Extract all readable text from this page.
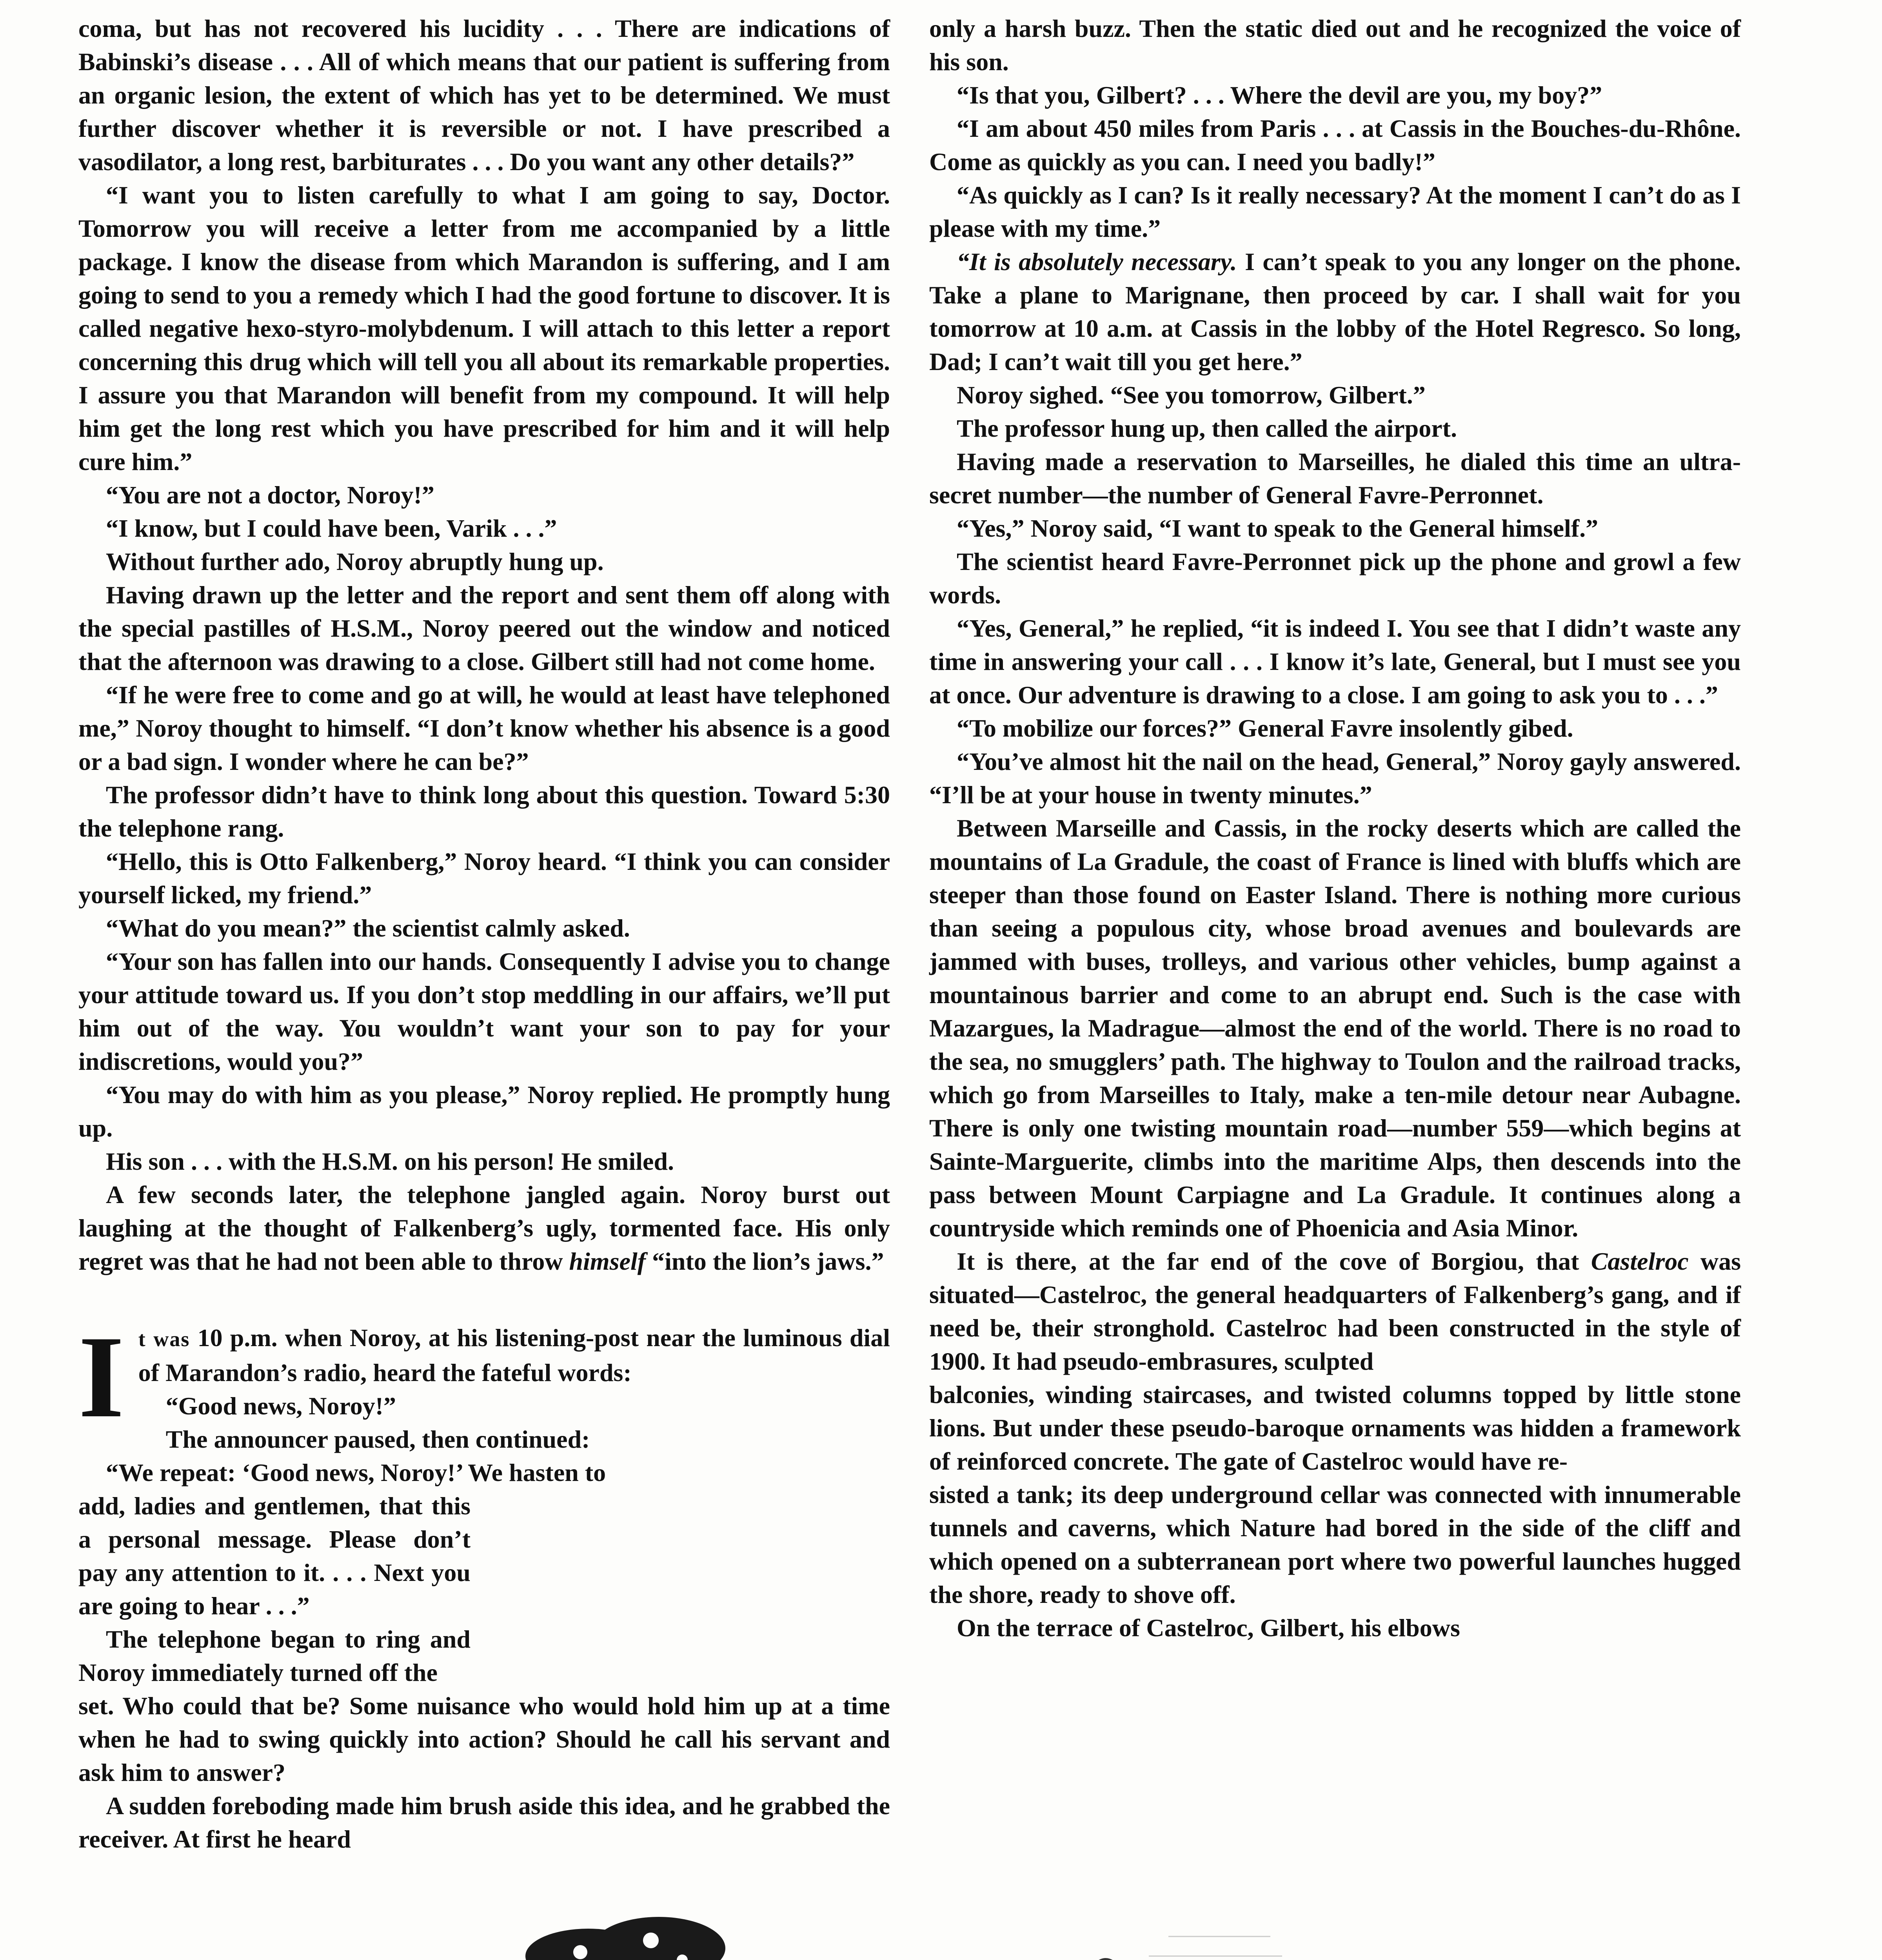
coma, but has not recovered his lucidity . . . There are indications of Babinski’s disease . . . All of which means that our patient is suffering from an organic lesion, the extent of which has yet to be determined. We must further discover whether it is reversible or not. I have prescribed a vasodilator, a long rest, barbiturates . . . Do you want any other details?”

“I want you to listen carefully to what I am going to say, Doctor. Tomorrow you will receive a letter from me accompanied by a little package. I know the disease from which Marandon is suffering, and I am going to send to you a remedy which I had the good fortune to discover. It is called negative hexo-styro-molybdenum. I will attach to this letter a report concerning this drug which will tell you all about its remarkable properties. I assure you that Marandon will benefit from my compound. It will help him get the long rest which you have prescribed for him and it will help cure him.”

“You are not a doctor, Noroy!”

“I know, but I could have been, Varik . . .”

Without further ado, Noroy abruptly hung up.

Having drawn up the letter and the report and sent them off along with the special pastilles of H.S.M., Noroy peered out the window and noticed that the afternoon was drawing to a close. Gilbert still had not come home.

“If he were free to come and go at will, he would at least have telephoned me,” Noroy thought to himself. “I don’t know whether his absence is a good or a bad sign. I wonder where he can be?”

The professor didn’t have to think long about this question. Toward 5:30 the telephone rang.

“Hello, this is Otto Falkenberg,” Noroy heard. “I think you can consider yourself licked, my friend.”

“What do you mean?” the scientist calmly asked.

“Your son has fallen into our hands. Consequently I advise you to change your attitude toward us. If you don’t stop meddling in our affairs, we’ll put him out of the way. You wouldn’t want your son to pay for your indiscretions, would you?”

“You may do with him as you please,” Noroy replied. He promptly hung up.

His son . . . with the H.S.M. on his person! He smiled.

A few seconds later, the telephone jangled again. Noroy burst out laughing at the thought of Falkenberg’s ugly, tormented face. His only regret was that he had not been able to throw himself “into the lion’s jaws.”

It was 10 p.m. when Noroy, at his listening-post near the luminous dial of Marandon’s radio, heard the fateful words:

“Good news, Noroy!”

The announcer paused, then continued:

“We repeat: ‘Good news, Noroy!’ We hasten to

add, ladies and gentlemen, that this a personal message. Please don’t pay any attention to it. . . . Next you are going to hear . . .”

The telephone began to ring and Noroy immediately turned off the

set. Who could that be? Some nuisance who would hold him up at a time when he had to swing quickly into action? Should he call his servant and ask him to answer?

A sudden foreboding made him brush aside this idea, and he grabbed the receiver. At first he heard

only a harsh buzz. Then the static died out and he recognized the voice of his son.

“Is that you, Gilbert? . . . Where the devil are you, my boy?”

“I am about 450 miles from Paris . . . at Cassis in the Bouches-du-Rhône. Come as quickly as you can. I need you badly!”

“As quickly as I can? Is it really necessary? At the moment I can’t do as I please with my time.”

“It is absolutely necessary. I can’t speak to you any longer on the phone. Take a plane to Marignane, then proceed by car. I shall wait for you tomorrow at 10 a.m. at Cassis in the lobby of the Hotel Regresco. So long, Dad; I can’t wait till you get here.”

Noroy sighed. “See you tomorrow, Gilbert.”

The professor hung up, then called the airport.

Having made a reservation to Marseilles, he dialed this time an ultra-secret number—the number of General Favre-Perronnet.

“Yes,” Noroy said, “I want to speak to the General himself.”

The scientist heard Favre-Perronnet pick up the phone and growl a few words.

“Yes, General,” he replied, “it is indeed I. You see that I didn’t waste any time in answering your call . . . I know it’s late, General, but I must see you at once. Our adventure is drawing to a close. I am going to ask you to . . .”

“To mobilize our forces?” General Favre insolently gibed.

“You’ve almost hit the nail on the head, General,” Noroy gayly answered. “I’ll be at your house in twenty minutes.”

Between Marseille and Cassis, in the rocky deserts which are called the mountains of La Gradule, the coast of France is lined with bluffs which are steeper than those found on Easter Island. There is nothing more curious than seeing a populous city, whose broad avenues and boulevards are jammed with buses, trolleys, and various other vehicles, bump against a mountainous barrier and come to an abrupt end. Such is the case with Mazargues, la Madrague—almost the end of the world. There is no road to the sea, no smugglers’ path. The highway to Toulon and the railroad tracks, which go from Marseilles to Italy, make a ten-mile detour near Aubagne. There is only one twisting mountain road—number 559—which begins at Sainte-Marguerite, climbs into the maritime Alps, then descends into the pass between Mount Carpiagne and La Gradule. It continues along a countryside which reminds one of Phoenicia and Asia Minor.

It is there, at the far end of the cove of Borgiou, that Castelroc was situated—Castelroc, the general headquarters of Falkenberg’s gang, and if need be, their stronghold. Castelroc had been constructed in the style of 1900. It had pseudo-embrasures, sculpted

balconies, winding staircases, and twisted columns topped by little stone lions. But under these pseudo-baroque ornaments was hidden a framework of reinforced concrete. The gate of Castelroc would have re-

sisted a tank; its deep underground cellar was connected with innumerable tunnels and caverns, which Nature had bored in the side of the cliff and which opened on a subterranean port where two powerful launches hugged the shore, ready to shove off.

On the terrace of Castelroc, Gilbert, his elbows
